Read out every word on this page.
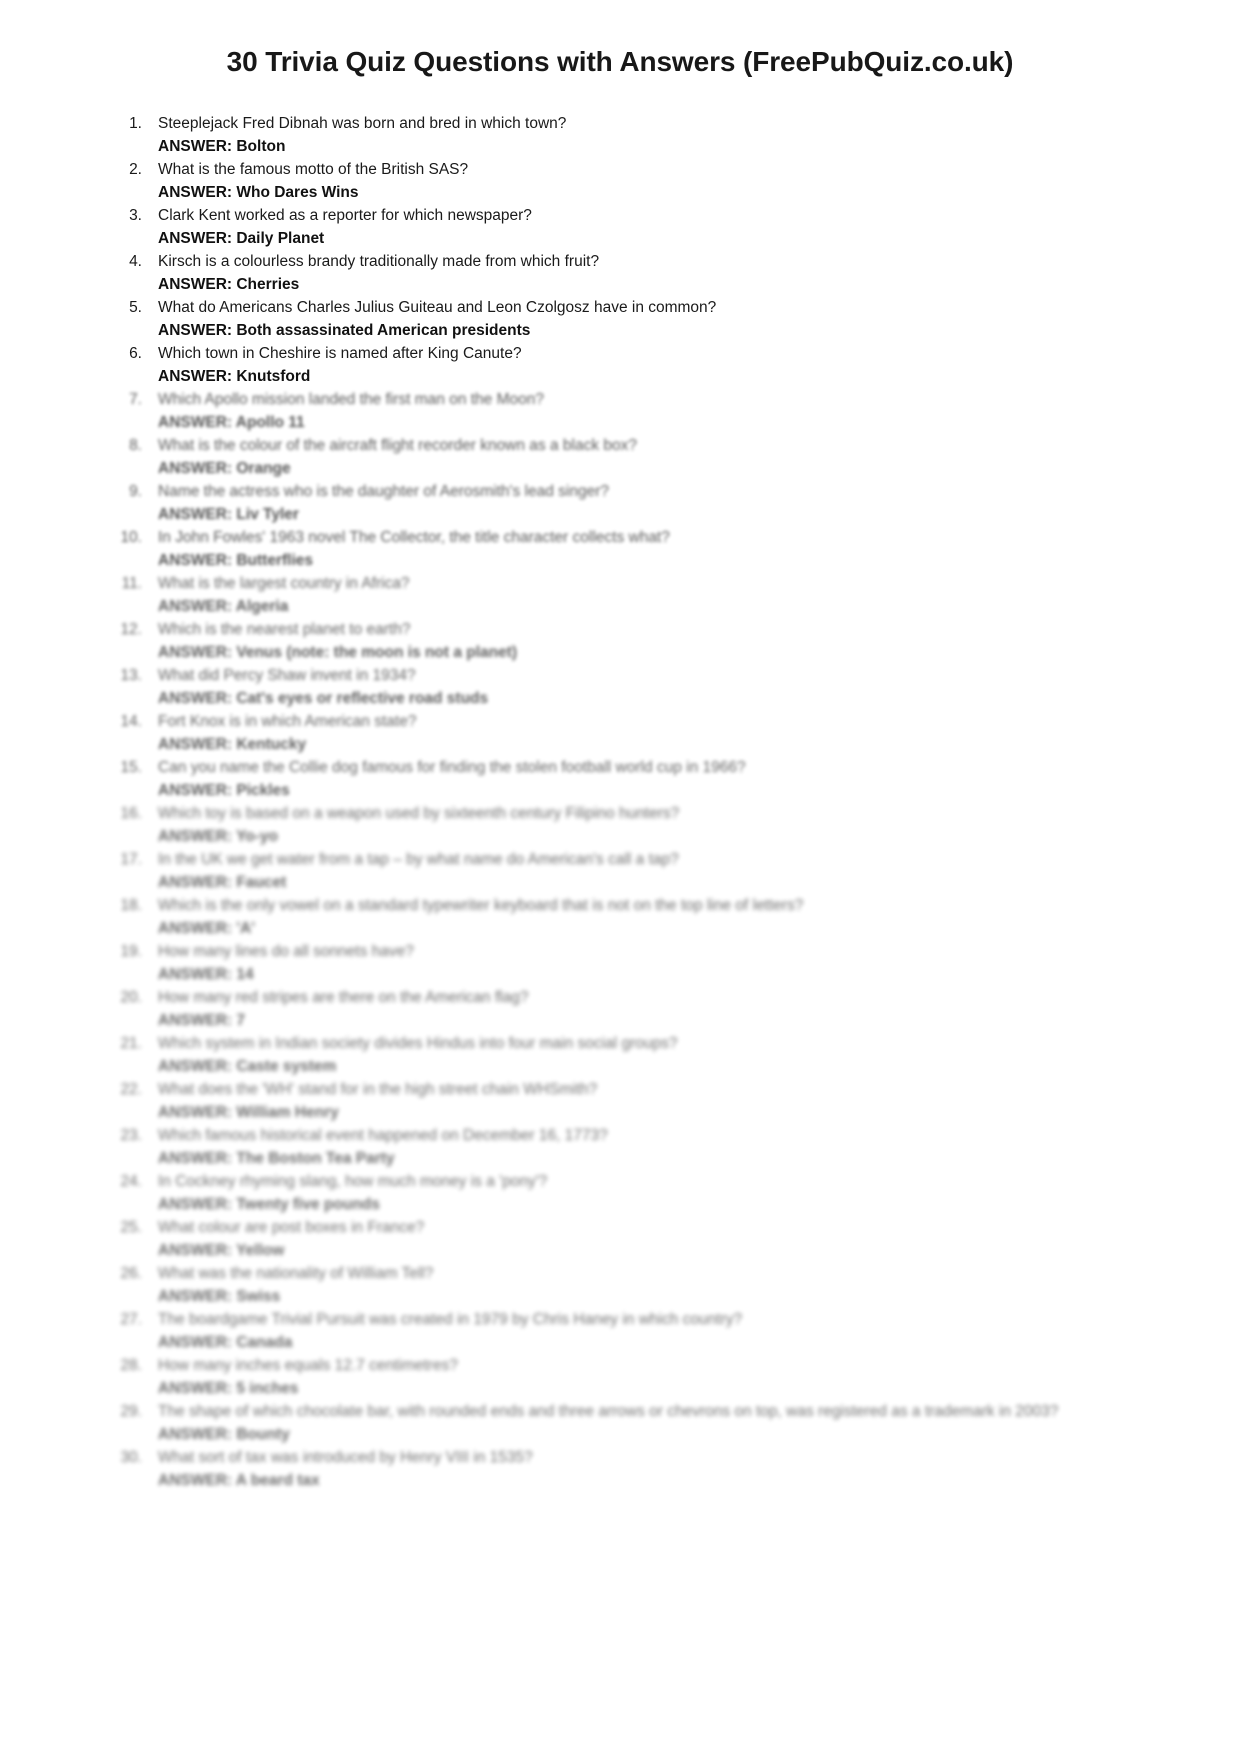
30 Trivia Quiz Questions with Answers (FreePubQuiz.co.uk)
1. Steeplejack Fred Dibnah was born and bred in which town?
ANSWER: Bolton
2. What is the famous motto of the British SAS?
ANSWER: Who Dares Wins
3. Clark Kent worked as a reporter for which newspaper?
ANSWER: Daily Planet
4. Kirsch is a colourless brandy traditionally made from which fruit?
ANSWER: Cherries
5. What do Americans Charles Julius Guiteau and Leon Czolgosz have in common?
ANSWER: Both assassinated American presidents
6. Which town in Cheshire is named after King Canute?
ANSWER: Knutsford
7. Which Apollo mission landed the first man on the Moon?
ANSWER: Apollo 11
8. What is the colour of the aircraft flight recorder known as a black box?
ANSWER: Orange
9. Name the actress who is the daughter of Aerosmith's lead singer?
ANSWER: Liv Tyler
10. In John Fowles' 1963 novel The Collector, the title character collects what?
ANSWER: Butterflies
11. What is the largest country in Africa?
ANSWER: Algeria
12. Which is the nearest planet to earth?
ANSWER: Venus (note: the moon is not a planet)
13. What did Percy Shaw invent in 1934?
ANSWER: Cat's eyes or reflective road studs
14. Fort Knox is in which American state?
ANSWER: Kentucky
15. Can you name the Collie dog famous for finding the stolen football world cup in 1966?
ANSWER: Pickles
16. Which toy is based on a weapon used by sixteenth century Filipino hunters?
ANSWER: Yo-yo
17. In the UK we get water from a tap – by what name do American's call a tap?
ANSWER: Faucet
18. Which is the only vowel on a standard typewriter keyboard that is not on the top line of letters?
ANSWER: 'A'
19. How many lines do all sonnets have?
ANSWER: 14
20. How many red stripes are there on the American flag?
ANSWER: 7
21. Which system in Indian society divides Hindus into four main social groups?
ANSWER: Caste system
22. What does the 'WH' stand for in the high street chain WHSmith?
ANSWER: William Henry
23. Which famous historical event happened on December 16, 1773?
ANSWER: The Boston Tea Party
24. In Cockney rhyming slang, how much money is a 'pony'?
ANSWER: Twenty five pounds
25. What colour are post boxes in France?
ANSWER: Yellow
26. What was the nationality of William Tell?
ANSWER: Swiss
27. The boardgame Trivial Pursuit was created in 1979 by Chris Haney in which country?
ANSWER: Canada
28. How many inches equals 12.7 centimetres?
ANSWER: 5 inches
29. The shape of which chocolate bar, with rounded ends and three arrows or chevrons on top, was registered as a trademark in 2003?
ANSWER: Bounty
30. What sort of tax was introduced by Henry VIII in 1535?
ANSWER: A beard tax
